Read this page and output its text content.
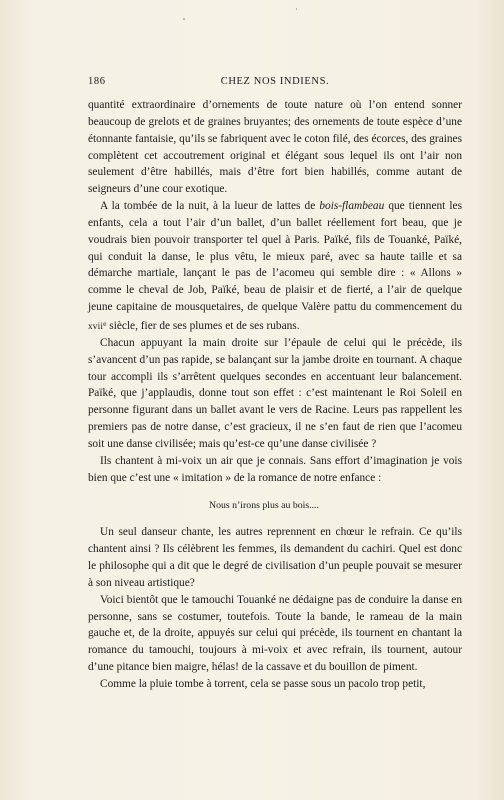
186	CHEZ NOS INDIENS.

quantité extraordinaire d’ornements de toute nature où l’on entend sonner beaucoup de grelots et de graines bruyantes; des ornements de toute espèce d’une étonnante fantaisie, qu’ils se fabriquent avec le coton filé, des écorces, des graines complètent cet accoutrement original et élégant sous lequel ils ont l’air non seulement d’être habillés, mais d’être fort bien habillés, comme autant de seigneurs d’une cour exotique.

A la tombée de la nuit, à la lueur de lattes de bois-flambeau que tiennent les enfants, cela a tout l’air d’un ballet, d’un ballet réellement fort beau, que je voudrais bien pouvoir transporter tel quel à Paris. Païké, fils de Touanké, Païké, qui conduit la danse, le plus vêtu, le mieux paré, avec sa haute taille et sa démarche martiale, lançant le pas de l’acomeu qui semble dire : « Allons » comme le cheval de Job, Païké, beau de plaisir et de fierté, a l’air de quelque jeune capitaine de mousquetaires, de quelque Valère pattu du commencement du xvii$^e$ siècle, fier de ses plumes et de ses rubans.

Chacun appuyant la main droite sur l’épaule de celui qui le précède, ils s’avancent d’un pas rapide, se balançant sur la jambe droite en tournant. A chaque tour accompli ils s’arrêtent quelques secondes en accentuant leur balancement. Païké, que j’applaudis, donne tout son effet : c’est maintenant le Roi Soleil en personne figurant dans un ballet avant le vers de Racine. Leurs pas rappellent les premiers pas de notre danse, c’est gracieux, il ne s’en faut de rien que l’acomeu soit une danse civilisée; mais qu’est-ce qu’une danse civilisée ?

Ils chantent à mi-voix un air que je connais. Sans effort d’imagination je vois bien que c’est une « imitation » de la romance de notre enfance :

Nous n’irons plus au bois....

Un seul danseur chante, les autres reprennent en chœur le refrain. Ce qu’ils chantent ainsi ? Ils célèbrent les femmes, ils demandent du cachiri. Quel est donc le philosophe qui a dit que le degré de civilisation d’un peuple pouvait se mesurer à son niveau artistique?

Voici bientôt que le tamouchi Touanké ne dédaigne pas de conduire la danse en personne, sans se costumer, toutefois. Toute la bande, le rameau de la main gauche et, de la droite, appuyés sur celui qui précède, ils tournent en chantant la romance du tamouchi, toujours à mi-voix et avec refrain, ils tournent, autour d’une pitance bien maigre, hélas! de la cassave et du bouillon de piment.

Comme la pluie tombe à torrent, cela se passe sous un pacolo trop petit,
